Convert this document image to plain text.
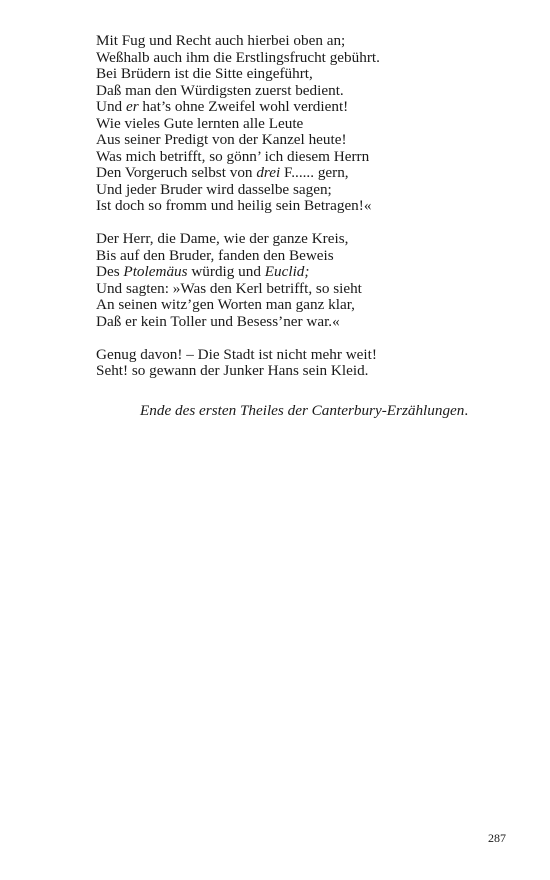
Mit Fug und Recht auch hierbei oben an;
Weßhalb auch ihm die Erstlingsfrucht gebührt.
Bei Brüdern ist die Sitte eingeführt,
Daß man den Würdigsten zuerst bedient.
Und er hat’s ohne Zweifel wohl verdient!
Wie vieles Gute lernten alle Leute
Aus seiner Predigt von der Kanzel heute!
Was mich betrifft, so gönn’ ich diesem Herrn
Den Vorgeruch selbst von drei F...... gern,
Und jeder Bruder wird dasselbe sagen;
Ist doch so fromm und heilig sein Betragen!«
Der Herr, die Dame, wie der ganze Kreis,
Bis auf den Bruder, fanden den Beweis
Des Ptolemäus würdig und Euclid;
Und sagten: »Was den Kerl betrifft, so sieht
An seinen witz’gen Worten man ganz klar,
Daß er kein Toller und Besess’ner war.«
Genug davon! – Die Stadt ist nicht mehr weit!
Seht! so gewann der Junker Hans sein Kleid.
Ende des ersten Theiles der Canterbury-Erzählungen.
287
